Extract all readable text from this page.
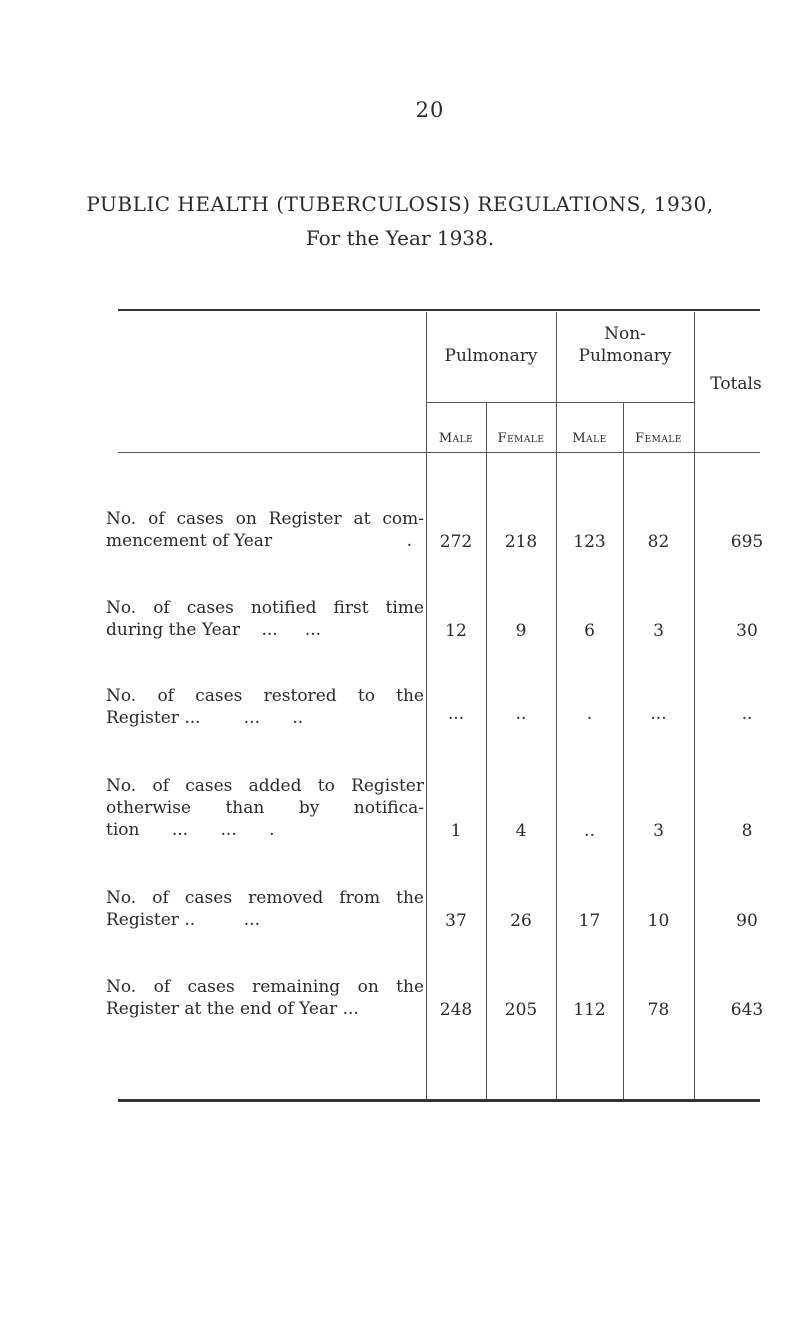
20
PUBLIC HEALTH (TUBERCULOSIS) REGULATIONS, 1930,
For the Year 1938.
Pulmonary
Non-
Pulmonary
Totals
Male	Female	Male	Female
No. of cases on Register at com-
mencement of Year	.	272	218	123	82	695
No. of cases notified first time
during the Year    ...     ...	12	9	6	3	30
No. of cases restored to the
Register ...        ...      ..	...	..	.	...	..
No. of cases added to Register
otherwise than by notifica-
tion      ...      ...      .	1	4	..	3	8
No. of cases removed from the
Register ..         ...	37	26	17	10	90
No. of cases remaining on the
Register at the end of Year ...	248	205	112	78	643
